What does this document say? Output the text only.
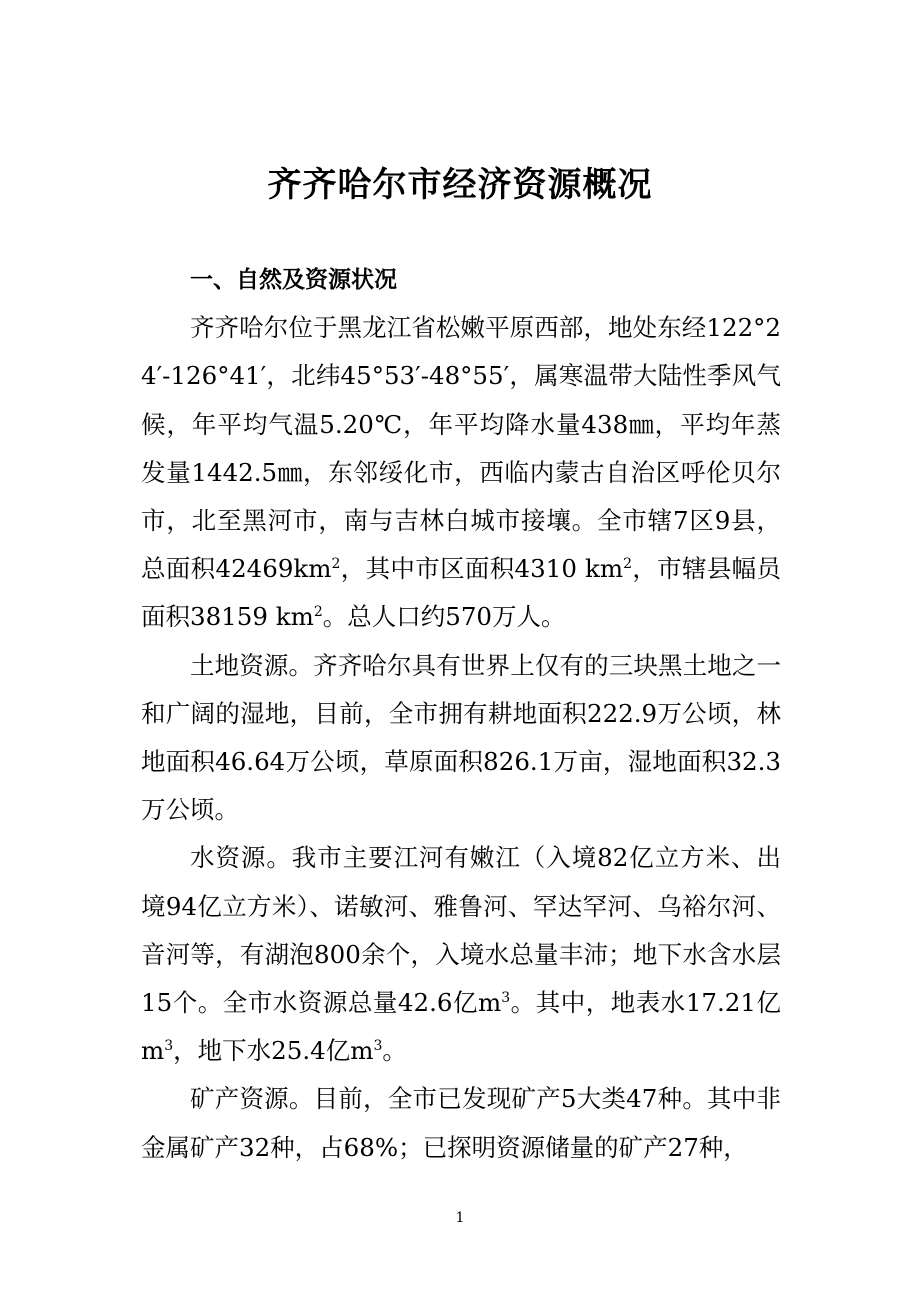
齐齐哈尔市经济资源概况

一、自然及资源状况

齐齐哈尔位于黑龙江省松嫩平原西部，地处东经122°24′-126°41′，北纬45°53′-48°55′，属寒温带大陆性季风气候，年平均气温5.20℃，年平均降水量438㎜，平均年蒸发量1442.5㎜，东邻绥化市，西临内蒙古自治区呼伦贝尔市，北至黑河市，南与吉林白城市接壤。全市辖7区9县，总面积$42469km^2$，其中市区面积4310 $km^2$，市辖县幅员面积38159 $km^2$。总人口约570万人。

土地资源。齐齐哈尔具有世界上仅有的三块黑土地之一和广阔的湿地，目前，全市拥有耕地面积222.9万公顷，林地面积46.64万公顷，草原面积826.1万亩，湿地面积32.3万公顷。

水资源。我市主要江河有嫩江（入境82亿立方米、出境94亿立方米）、诺敏河、雅鲁河、罕达罕河、乌裕尔河、音河等，有湖泡800余个，入境水总量丰沛；地下水含水层15个。全市水资源总量42.6亿$m^3$。其中，地表水17.21亿$m^3$，地下水25.4亿$m^3$。

矿产资源。目前，全市已发现矿产5大类47种。其中非金属矿产32种，占68%；已探明资源储量的矿产27种，

1
